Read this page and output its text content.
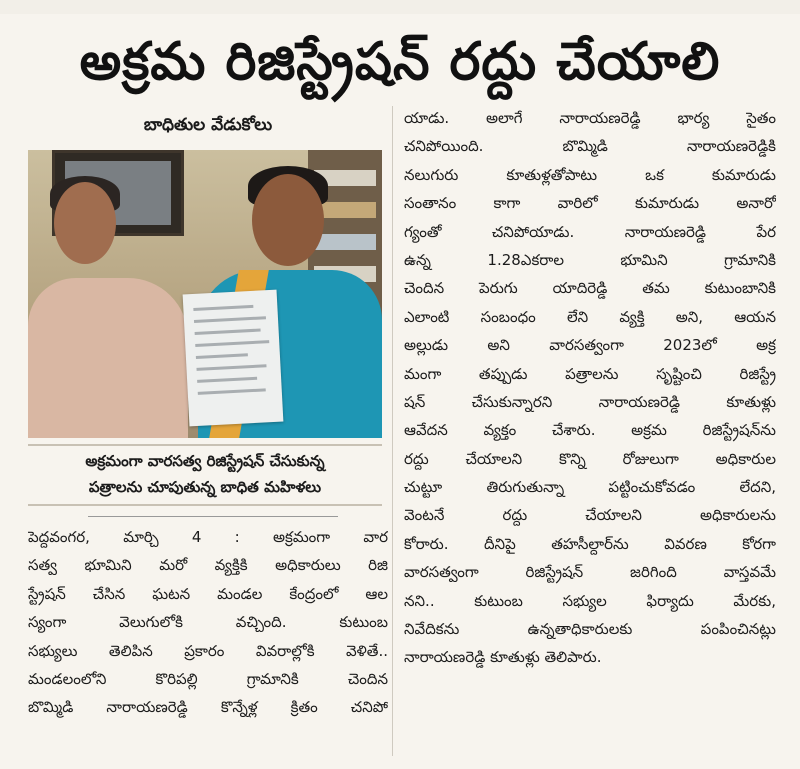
అక్రమ రిజిస్ట్రేషన్ రద్దు చేయాలి
బాధితుల వేడుకోలు
అక్రమంగా వారసత్వ రిజిస్ట్రేషన్ చేసుకున్న
పత్రాలను చూపుతున్న బాధిత మహిళలు
పెద్దవంగర, మార్చి 4 : అక్రమంగా వార
సత్వ భూమిని మరో వ్యక్తికి అధికారులు రిజి
స్ట్రేషన్ చేసిన ఘటన మండల కేంద్రంలో ఆల
స్యంగా వెలుగులోకి వచ్చింది. కుటుంబ
సభ్యులు తెలిపిన ప్రకారం వివరాల్లోకి వెళితే..
మండలంలోని కొరిపల్లి గ్రామానికి చెందిన
బొమ్మిడి నారాయణరెడ్డి కొన్నేళ్ల క్రితం చనిపో
యాడు. అలాగే నారాయణరెడ్డి భార్య సైతం
చనిపోయింది. బొమ్మిడి నారాయణరెడ్డికి
నలుగురు కూతుళ్లతోపాటు ఒక కుమారుడు
సంతానం కాగా వారిలో కుమారుడు అనారో
గ్యంతో చనిపోయాడు. నారాయణరెడ్డి పేర
ఉన్న 1.28ఎకరాల భూమిని గ్రామానికి
చెందిన పెరుగు యాదిరెడ్డి తమ కుటుంబానికి
ఎలాంటి సంబంధం లేని వ్యక్తి అని, ఆయన
అల్లుడు అని వారసత్వంగా 2023లో అక్ర
మంగా తప్పుడు పత్రాలను సృష్టించి రిజిస్ట్రే
షన్ చేసుకున్నారని నారాయణరెడ్డి కూతుళ్లు
ఆవేదన వ్యక్తం చేశారు. అక్రమ రిజిస్ట్రేషన్‌ను
రద్దు చేయాలని కొన్ని రోజులుగా అధికారుల
చుట్టూ తిరుగుతున్నా పట్టించుకోవడం లేదని,
వెంటనే రద్దు చేయాలని అధికారులను
కోరారు. దీనిపై తహసీల్దార్‌ను వివరణ కోరగా
వారసత్వంగా రిజిస్ట్రేషన్ జరిగింది వాస్తవమే
నని.. కుటుంబ సభ్యుల ఫిర్యాదు మేరకు,
నివేదికను ఉన్నతాధికారులకు పంపించినట్లు
నారాయణరెడ్డి కూతుళ్లు తెలిపారు.
